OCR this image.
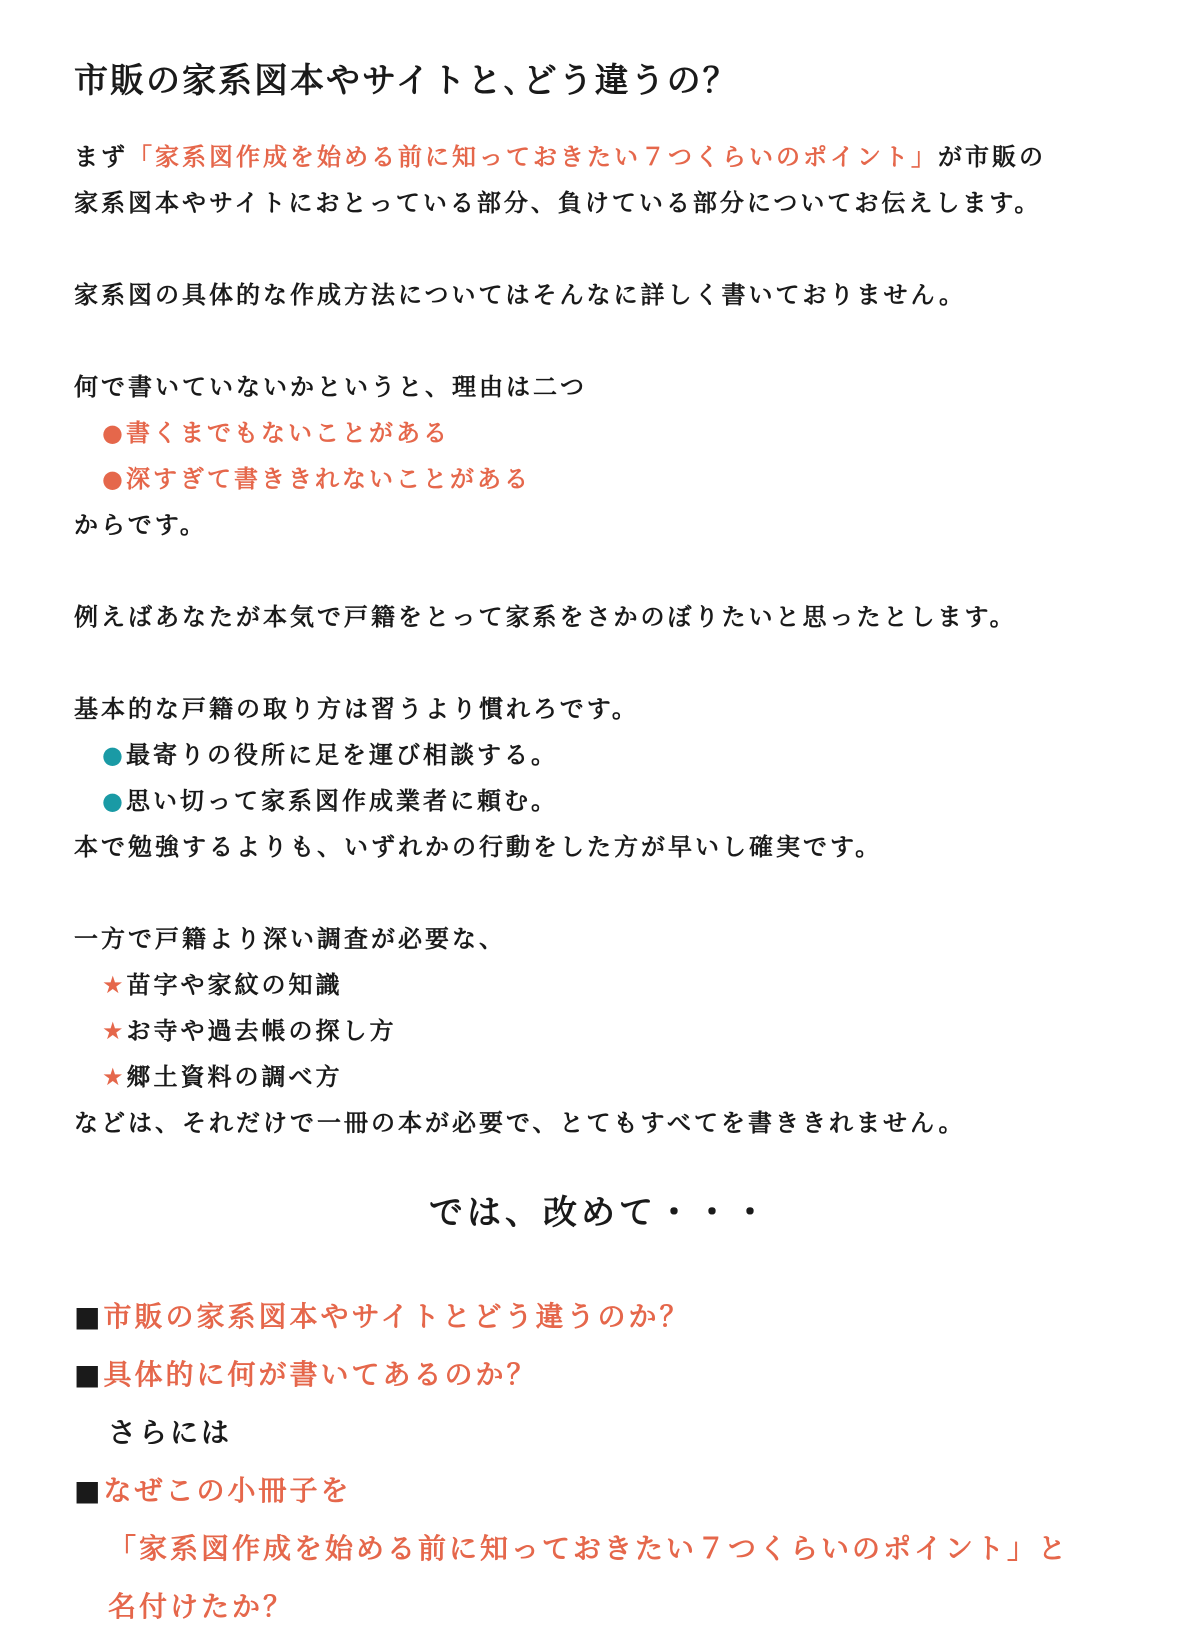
市販の家系図本やサイトと､どう違うの？

まず「家系図作成を始める前に知っておきたい７つくらいのポイント」が市販の

家系図本やサイトにおとっている部分、負けている部分についてお伝えします。

家系図の具体的な作成方法についてはそんなに詳しく書いておりません。

何で書いていないかというと、理由は二つ

●書くまでもないことがある

●深すぎて書ききれないことがある

からです。

例えばあなたが本気で戸籍をとって家系をさかのぼりたいと思ったとします。

基本的な戸籍の取り方は習うより慣れろです。

●最寄りの役所に足を運び相談する。

●思い切って家系図作成業者に頼む。

本で勉強するよりも、いずれかの行動をした方が早いし確実です。

一方で戸籍より深い調査が必要な、

★苗字や家紋の知識

★お寺や過去帳の探し方

★郷土資料の調べ方

などは、それだけで一冊の本が必要で、とてもすべてを書ききれません。

では、改めて・・・
■市販の家系図本やサイトとどう違うのか？
■具体的に何が書いてあるのか？
さらには
■なぜこの小冊子を
「家系図作成を始める前に知っておきたい７つくらいのポイント」と
名付けたか？
